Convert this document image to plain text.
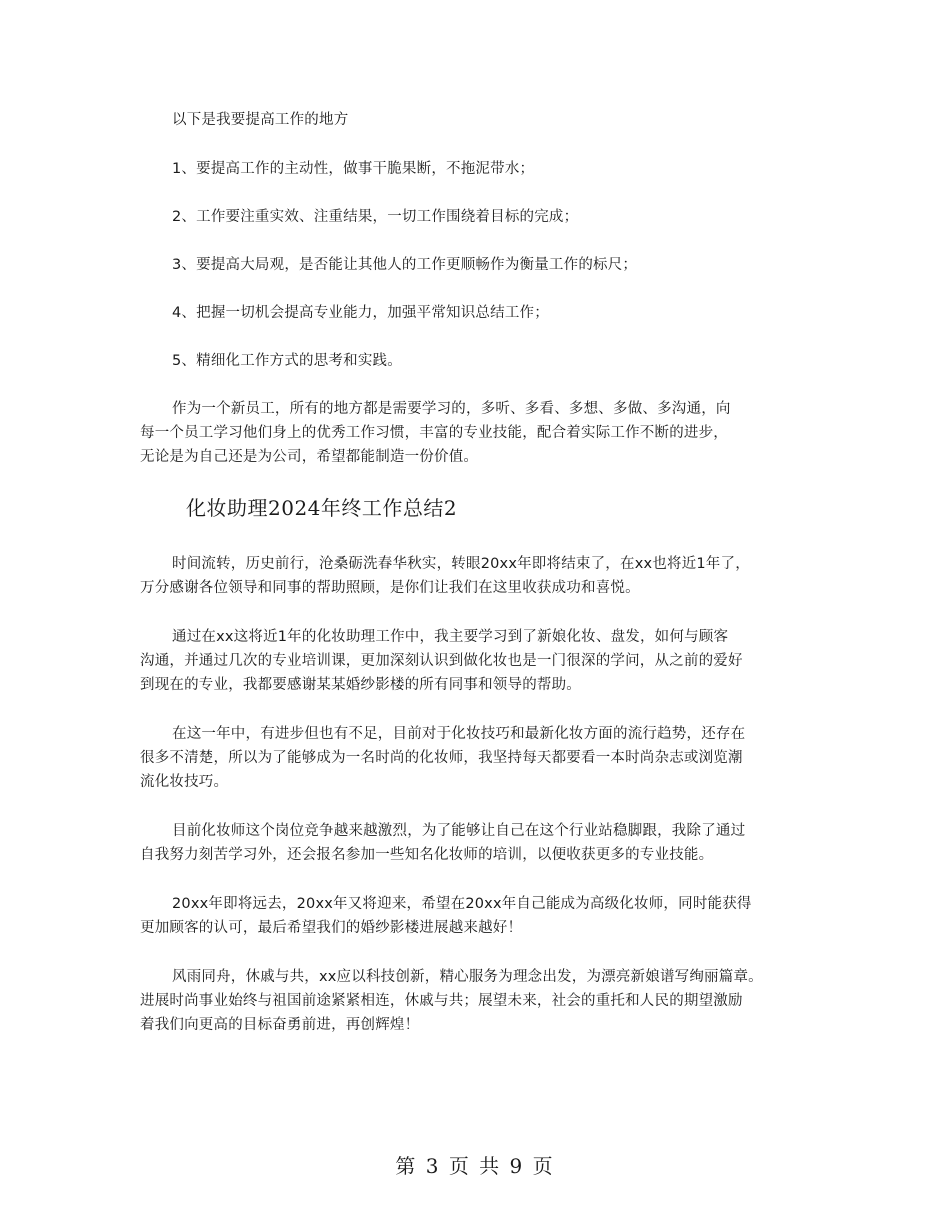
以下是我要提高工作的地方
1、要提高工作的主动性，做事干脆果断，不拖泥带水；
2、工作要注重实效、注重结果，一切工作围绕着目标的完成；
3、要提高大局观，是否能让其他人的工作更顺畅作为衡量工作的标尺；
4、把握一切机会提高专业能力，加强平常知识总结工作；
5、精细化工作方式的思考和实践。
作为一个新员工，所有的地方都是需要学习的，多听、多看、多想、多做、多沟通，向
每一个员工学习他们身上的优秀工作习惯，丰富的专业技能，配合着实际工作不断的进步，
无论是为自己还是为公司，希望都能制造一份价值。
化妆助理2024年终工作总结2
时间流转，历史前行，沧桑砺洗春华秋实，转眼20xx年即将结束了，在xx也将近1年了，
万分感谢各位领导和同事的帮助照顾，是你们让我们在这里收获成功和喜悦。
通过在xx这将近1年的化妆助理工作中，我主要学习到了新娘化妆、盘发，如何与顾客
沟通，并通过几次的专业培训课，更加深刻认识到做化妆也是一门很深的学问，从之前的爱好
到现在的专业，我都要感谢某某婚纱影楼的所有同事和领导的帮助。
在这一年中，有进步但也有不足，目前对于化妆技巧和最新化妆方面的流行趋势，还存在
很多不清楚，所以为了能够成为一名时尚的化妆师，我坚持每天都要看一本时尚杂志或浏览潮
流化妆技巧。
目前化妆师这个岗位竞争越来越激烈，为了能够让自己在这个行业站稳脚跟，我除了通过
自我努力刻苦学习外，还会报名参加一些知名化妆师的培训，以便收获更多的专业技能。
20xx年即将远去，20xx年又将迎来，希望在20xx年自己能成为高级化妆师，同时能获得
更加顾客的认可，最后希望我们的婚纱影楼进展越来越好！
风雨同舟，休戚与共，xx应以科技创新，精心服务为理念出发，为漂亮新娘谱写绚丽篇章。
进展时尚事业始终与祖国前途紧紧相连，休戚与共；展望未来，社会的重托和人民的期望激励
着我们向更高的目标奋勇前进，再创辉煌！
第 3 页 共 9 页
